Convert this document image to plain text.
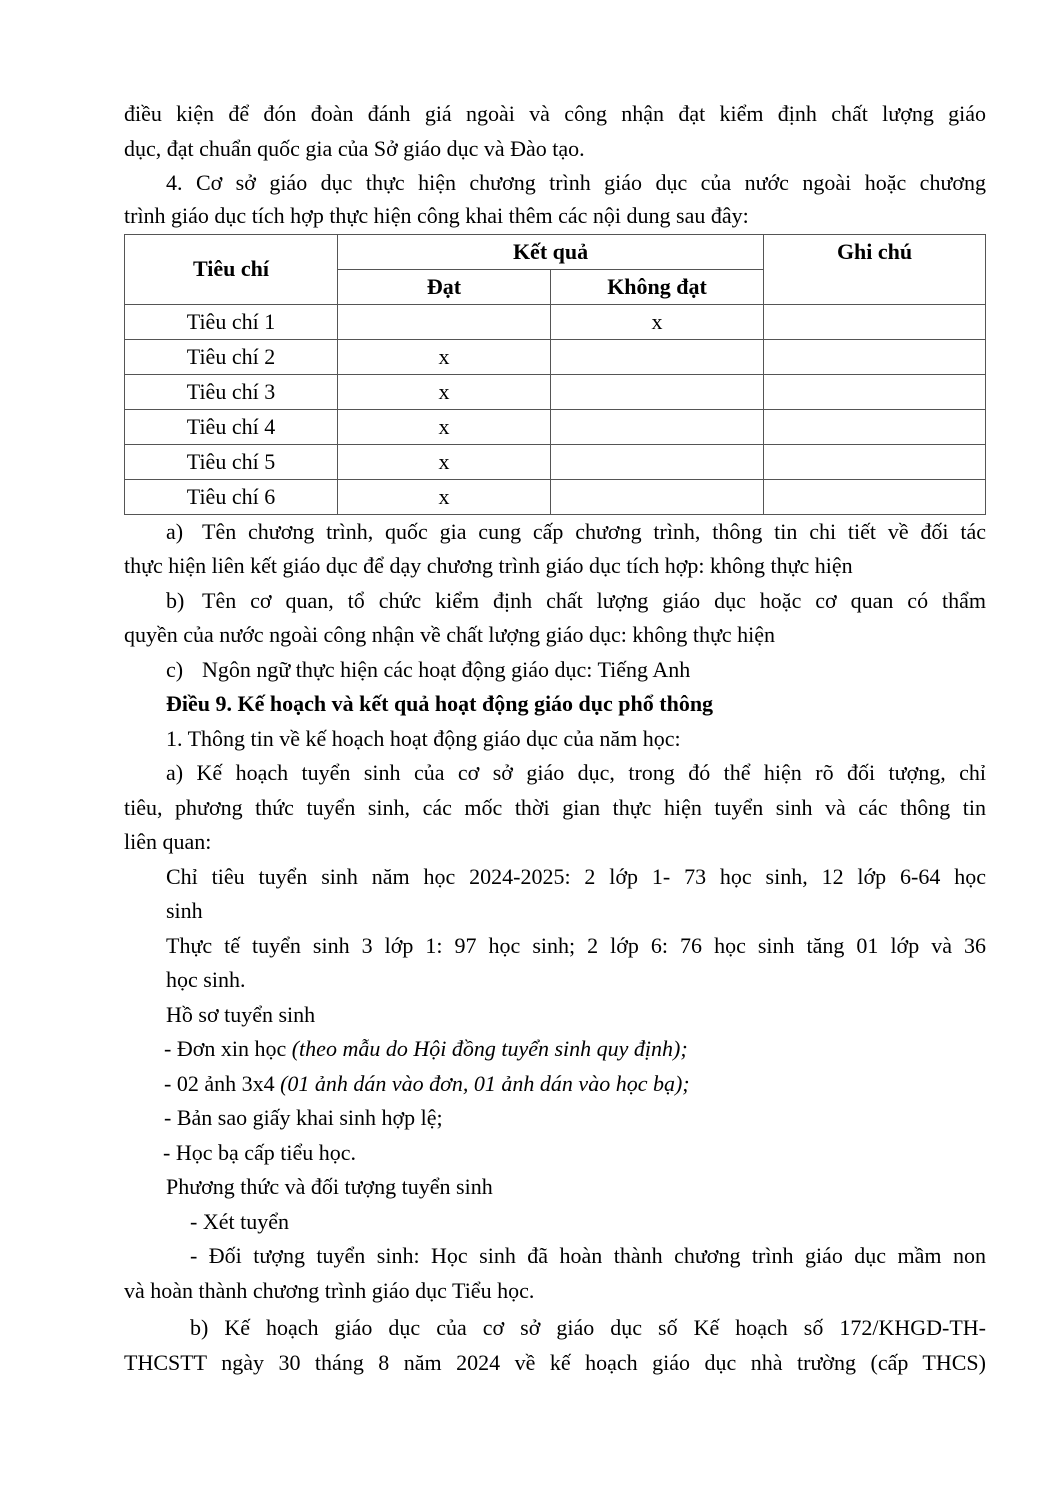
điều kiện để đón đoàn đánh giá ngoài và công nhận đạt kiểm định chất lượng giáo
dục, đạt chuẩn quốc gia của Sở giáo dục và Đào tạo.
4. Cơ sở giáo dục thực hiện chương trình giáo dục của nước ngoài hoặc chương
trình giáo dục tích hợp thực hiện công khai thêm các nội dung sau đây:
Tiêu chí	Kết quả		Ghi chú
	Đạt	Không đạt	
Tiêu chí 1		x	
Tiêu chí 2	x		
Tiêu chí 3	x		
Tiêu chí 4	x		
Tiêu chí 5	x		
Tiêu chí 6	x		
a) Tên chương trình, quốc gia cung cấp chương trình, thông tin chi tiết về đối tác
thực hiện liên kết giáo dục để dạy chương trình giáo dục tích hợp: không thực hiện
b) Tên cơ quan, tổ chức kiểm định chất lượng giáo dục hoặc cơ quan có thẩm
quyền của nước ngoài công nhận về chất lượng giáo dục: không thực hiện
c) Ngôn ngữ thực hiện các hoạt động giáo dục: Tiếng Anh
Điều 9. Kế hoạch và kết quả hoạt động giáo dục phổ thông
1. Thông tin về kế hoạch hoạt động giáo dục của năm học:
a) Kế hoạch tuyển sinh của cơ sở giáo dục, trong đó thể hiện rõ đối tượng, chỉ
tiêu, phương thức tuyển sinh, các mốc thời gian thực hiện tuyển sinh và các thông tin
liên quan:
Chỉ tiêu tuyển sinh năm học 2024-2025: 2 lớp 1- 73 học sinh, 12 lớp 6-64 học
sinh
Thực tế tuyển sinh 3 lớp 1: 97 học sinh; 2 lớp 6: 76 học sinh tăng 01 lớp và 36
học sinh.
Hồ sơ tuyển sinh
- Đơn xin học (theo mẫu do Hội đồng tuyển sinh quy định);
- 02 ảnh 3x4 (01 ảnh dán vào đơn, 01 ảnh dán vào học bạ);
- Bản sao giấy khai sinh hợp lệ;
- Học bạ cấp tiểu học.
Phương thức và đối tượng tuyển sinh
- Xét tuyển
- Đối tượng tuyển sinh: Học sinh đã hoàn thành chương trình giáo dục mầm non
và hoàn thành chương trình giáo dục Tiểu học.
b) Kế hoạch giáo dục của cơ sở giáo dục số Kế hoạch số 172/KHGD-TH-
THCSTT ngày 30 tháng 8 năm 2024 về kế hoạch giáo dục nhà trường (cấp THCS)
